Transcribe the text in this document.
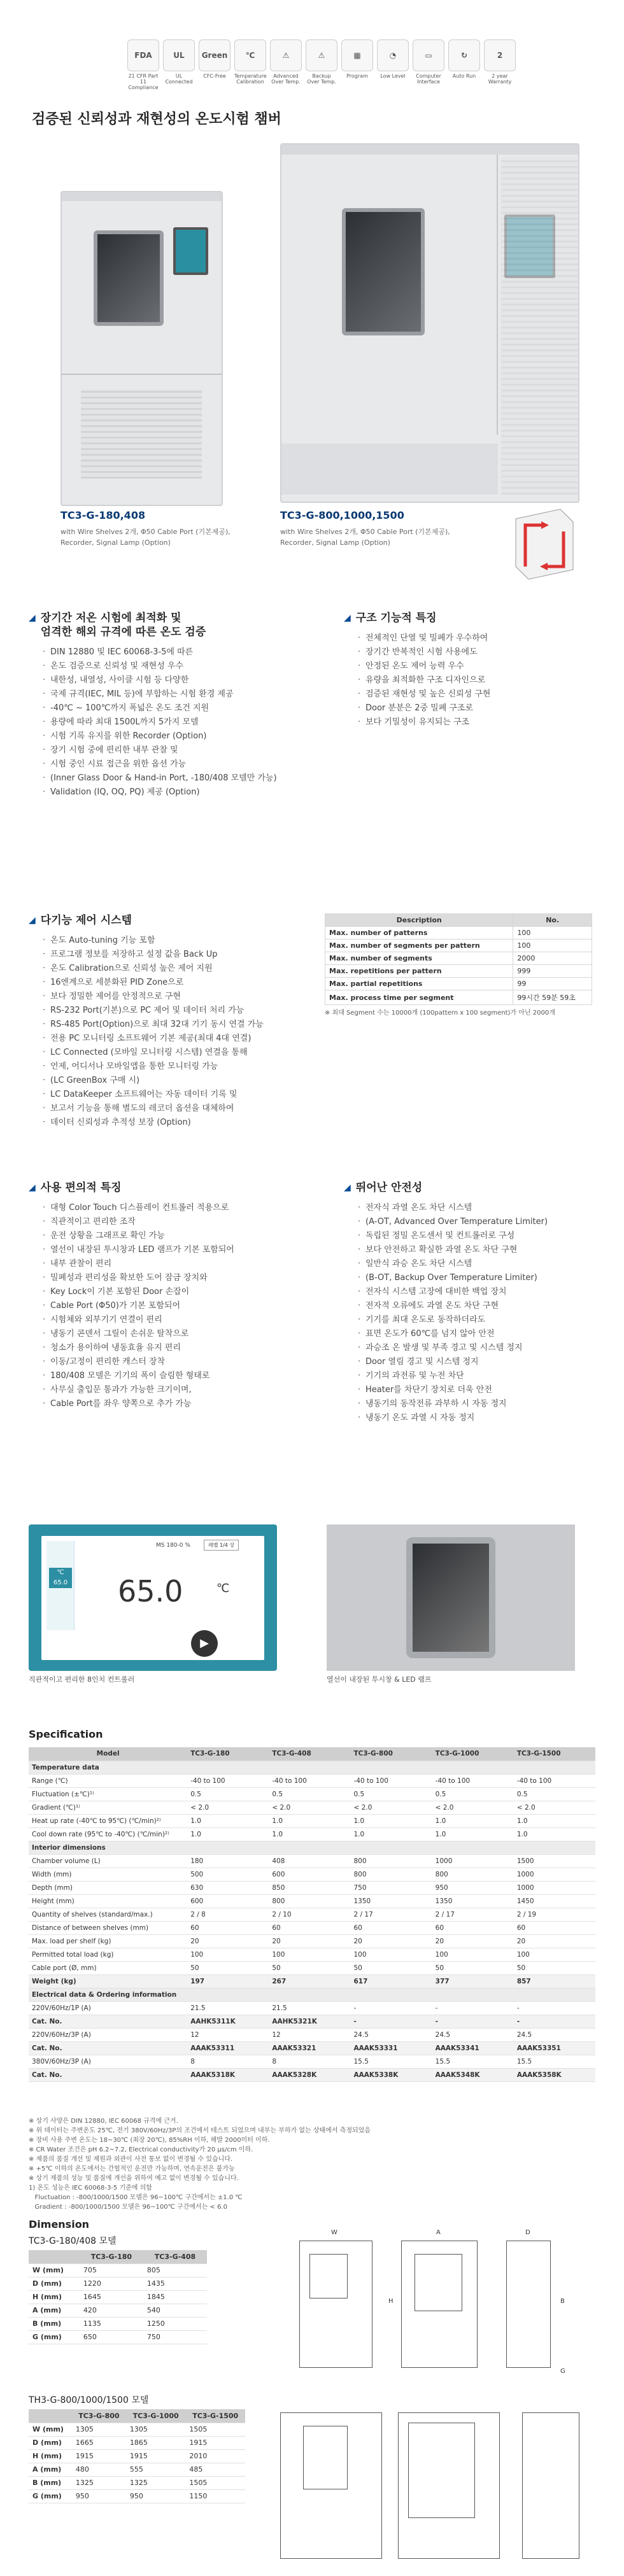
FDA
21 CFR Part 11 Compliance
UL
UL Connected
Green
CFC-Free
℃
Temperature Calibration
⚠
Advanced Over Temp.
⚠
Backup Over Temp.
▦
Program
◔
Low Level
▭
Computer Interface
↻
Auto Run
2
2 year Warranty
검증된 신뢰성과 재현성의 온도시험 챔버
TC3-G-180,408
with Wire Shelves 2개, Φ50 Cable Port (기본제공),
Recorder, Signal Lamp (Option)
TC3-G-800,1000,1500
with Wire Shelves 2개, Φ50 Cable Port (기본제공),
Recorder, Signal Lamp (Option)
◢ 장기간 저온 시험에 최적화 및
엄격한 해외 규격에 따른 온도 검증
· DIN 12880 및 IEC 60068-3-5에 따른
· 온도 검증으로 신뢰성 및 재현성 우수
· 내한성, 내열성, 사이클 시험 등 다양한
· 국제 규격(IEC, MIL 등)에 부합하는 시험 환경 제공
· -40℃ ~ 100℃까지 폭넓은 온도 조건 지원
· 용량에 따라 최대 1500L까지 5가지 모델
· 시험 기록 유지를 위한 Recorder (Option)
· 장기 시험 중에 편리한 내부 관찰 및
· 시험 중인 시료 접근을 위한 옵션 가능
· (Inner Glass Door & Hand-in Port, -180/408 모델만 가능)
· Validation (IQ, OQ, PQ) 제공 (Option)
◢ 구조 기능적 특징
· 전체적인 단열 및 밀폐가 우수하여
· 장기간 반복적인 시험 사용에도
· 안정된 온도 제어 능력 우수
· 유량을 최적화한 구조 디자인으로
· 검증된 재현성 및 높은 신뢰성 구현
· Door 분분은 2중 밀폐 구조로
· 보다 기밀성이 유지되는 구조
◢ 다기능 제어 시스템
· 온도 Auto-tuning 기능 포함
· 프로그램 정보를 저장하고 설정 값을 Back Up
· 온도 Calibration으로 신뢰성 높은 제어 지원
· 16엔계으로 세분화된 PID Zone으로
· 보다 정밀한 제어를 안정적으로 구현
· RS-232 Port(기본)으로 PC 제어 및 데이터 처리 가능
· RS-485 Port(Option)으로 최대 32대 기기 동시 연결 가능
· 전용 PC 모니터링 소프트웨어 기본 제공(최대 4대 연결)
· LC Connected (모바일 모니터링 시스템) 연결을 통해
· 언제, 어디서나 모바일앱을 통한 모니터링 가능
· (LC GreenBox 구매 시)
· LC DataKeeper 소프트웨어는 자동 데이터 기록 및
· 보고서 기능을 통해 별도의 레코더 옵션을 대체하여
· 데이터 신뢰성과 추적성 보장 (Option)
Description	No.
Max. number of patterns	100
Max. number of segments per pattern	100
Max. number of segments	2000
Max. repetitions per pattern	999
Max. partial repetitions	99
Max. process time per segment	99시간 59분 59초
※ 최대 Segment 수는 10000개 (100pattern x 100 segment)가 아닌 2000개
◢ 사용 편의적 특징
· 대형 Color Touch 디스플레이 컨트롤러 적용으로
· 직관적이고 편리한 조작
· 운전 상황을 그래프로 확인 가능
· 열선이 내장된 투시창과 LED 램프가 기본 포함되어
· 내부 관찰이 편리
· 밀폐성과 편리성을 확보한 도어 잠금 장치와
· Key Lock이 기본 포함된 Door 손잡이
· Cable Port (Φ50)가 기본 포함되어
· 시험체와 외부기기 연결이 편리
· 냉동기 콘덴서 그릴이 손쉬운 탈착으로
· 청소가 용이하여 냉동효율 유지 편리
· 이동/고정이 편리한 캐스터 장착
· 180/408 모델은 기기의 폭이 슬림한 형태로
· 사무실 출입문 통과가 가능한 크기이며,
· Cable Port를 좌우 양쪽으로 추가 가능
◢ 뛰어난 안전성
· 전자식 과열 온도 차단 시스템
· (A-OT, Advanced Over Temperature Limiter)
· 독립된 정밀 온도센서 및 컨트롤러로 구성
· 보다 안전하고 확실한 과열 온도 차단 구현
· 일반식 과승 온도 차단 시스템
· (B-OT, Backup Over Temperature Limiter)
· 전자식 시스템 고장에 대비한 백업 장치
· 전자적 오류에도 과열 온도 차단 구현
· 기기를 최대 온도로 동작하더라도
· 표면 온도가 60℃를 넘지 않아 안전
· 과승조 온 발생 및 부족 경고 및 시스템 정지
· Door 열림 경고 및 시스템 정지
· 기기의 과전류 및 누전 차단
· Heater를 차단기 장치로 더욱 안전
· 냉동기의 동작전류 과부하 시 자동 정지
· 냉동기 온도 과열 시 자동 정지
℃
65.0
MS 180-0 %	레벨 1/4 상
65.0	℃
▶
직관적이고 편리한 8인치 컨트롤러	열선이 내장된 투시창 & LED 램프
Specification
Model	TC3-G-180	TC3-G-408	TC3-G-800	TC3-G-1000	TC3-G-1500
Temperature data					
Range (℃)	-40 to 100	-40 to 100	-40 to 100	-40 to 100	-40 to 100
Fluctuation (±℃)¹⁾	0.5	0.5	0.5	0.5	0.5
Gradient (℃)¹⁾	< 2.0	< 2.0	< 2.0	< 2.0	< 2.0
Heat up rate (-40℃ to 95℃) (℃/min)²⁾	1.0	1.0	1.0	1.0	1.0
Cool down rate (95℃ to -40℃) (℃/min)²⁾	1.0	1.0	1.0	1.0	1.0
Interior dimensions					
Chamber volume (L)	180	408	800	1000	1500
Width (mm)	500	600	800	800	1000
Depth (mm)	630	850	750	950	1000
Height (mm)	600	800	1350	1350	1450
Quantity of shelves (standard/max.)	2 / 8	2 / 10	2 / 17	2 / 17	2 / 19
Distance of between shelves (mm)	60	60	60	60	60
Max. load per shelf (kg)	20	20	20	20	20
Permitted total load (kg)	100	100	100	100	100
Cable port (Ø, mm)	50	50	50	50	50
Weight (kg)	197	267	617	377	857
Electrical data & Ordering information					
220V/60Hz/1P (A)	21.5	21.5	-	-	-
Cat. No.	AAHK5311K	AAHK5321K	-	-	-
220V/60Hz/3P (A)	12	12	24.5	24.5	24.5
Cat. No.	AAAK53311	AAAK53321	AAAK53331	AAAK53341	AAAK53351
380V/60Hz/3P (A)	8	8	15.5	15.5	15.5
Cat. No.	AAAK5318K	AAAK5328K	AAAK5338K	AAAK5348K	AAAK5358K
※ 상기 사양은 DIN 12880, IEC 60068 규격에 근거.
※ 위 데이터는 주변온도 25℃, 전기 380V/60Hz/3P의 조건에서 테스트 되었으며 내부는 부하가 없는 상태에서 측정되었음
※ 장비 사용 주변 온도는 18~30℃ (최장 20℃), 85%RH 이하, 해발 2000미터 이하.
※ CR Water 조건은 pH 6.2~7.2, Electrical conductivity가 20 μs/cm 이하.
※ 제품의 품질 개선 및 제원과 외관이 사전 통보 없이 변경될 수 있습니다.
※ +5℃ 이하의 온도에서는 간헐적인 운전만 가능하며, 연속운전은 불가능
※ 상기 제품의 성능 및 품질에 개선을 위하여 예고 없이 변경될 수 있습니다.
1) 온도 성능은 IEC 60068-3-5 기준에 의함
Fluctuation : -800/1000/1500 모델은 96~100℃ 구간에서는 ±1.0 ℃
Gradient : -800/1000/1500 모델은 96~100℃ 구간에서는 < 6.0
Dimension
TC3-G-180/408 모델
	TC3-G-180	TC3-G-408
W (mm)	705	805
D (mm)	1220	1435
H (mm)	1645	1845
A (mm)	420	540
B (mm)	1135	1250
G (mm)	650	750
TH3-G-800/1000/1500 모델
	TC3-G-800	TC3-G-1000	TC3-G-1500
W (mm)	1305	1305	1505
D (mm)	1665	1865	1915
H (mm)	1915	1915	2010
A (mm)	480	555	485
B (mm)	1325	1325	1505
G (mm)	950	950	1150
W	A
H
D
B
G
